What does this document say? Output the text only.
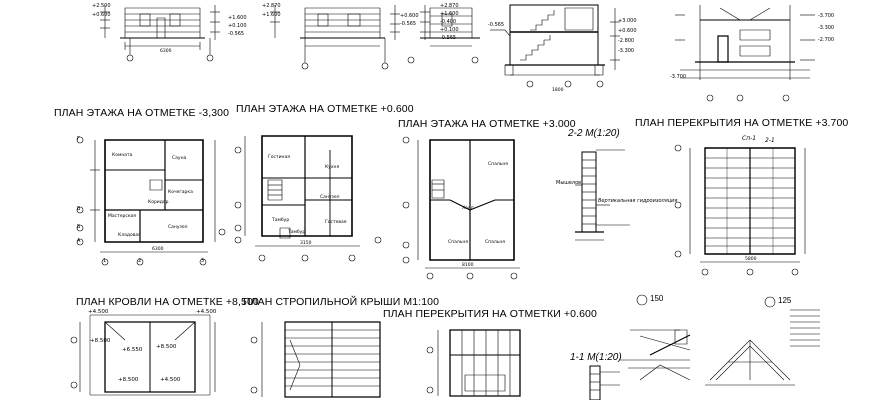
ПЛАН ЭТАЖА НА ОТМЕТКЕ -3,300 ПЛАН ЭТАЖА НА ОТМЕТКЕ +0.600
ПЛАН ЭТАЖА НА ОТМЕТКЕ +3.000
2-2 М(1:20)
ПЛАН ПЕРЕКРЫТИЯ НА ОТМЕТКЕ +3.700
ПЛАН КРОВЛИ НА ОТМЕТКЕ +8,500
ПЛАН СТРОПИЛЬНОЙ КРЫШИ М1:100
ПЛАН ПЕРЕКРЫТИЯ НА ОТМЕТКИ +0.600
1-1 М(1:20)
150	125
+2.500
+0.600	+1.600
+0.100
-0.565
+2.870
+1.600	+0.600
-0.565
+2.870
+1.600
-0.400
+0.100
-0.565
+3.000
+0.600
-2.800
-3.300
-0.565
-3.700
-3.300
-2.700
-3.700
+4.500
+8.500
+6.550 +8.500
+4.500
+8.500	+4.500
Комната
Сауна
Кочегарка
Мастерская
Кладовая
Санузел
Коридор
Гостиная
Кухня
Тамбур
Санузел
Гостевая
Тамбур
Спальня
Спальня	Спальня
Холл
Мышелов
Вертикальная гидроизоляция
Г
В
Б
А
1	2	3
6300
3150
8100
5800
1800
6300
Сп-1 2-1
